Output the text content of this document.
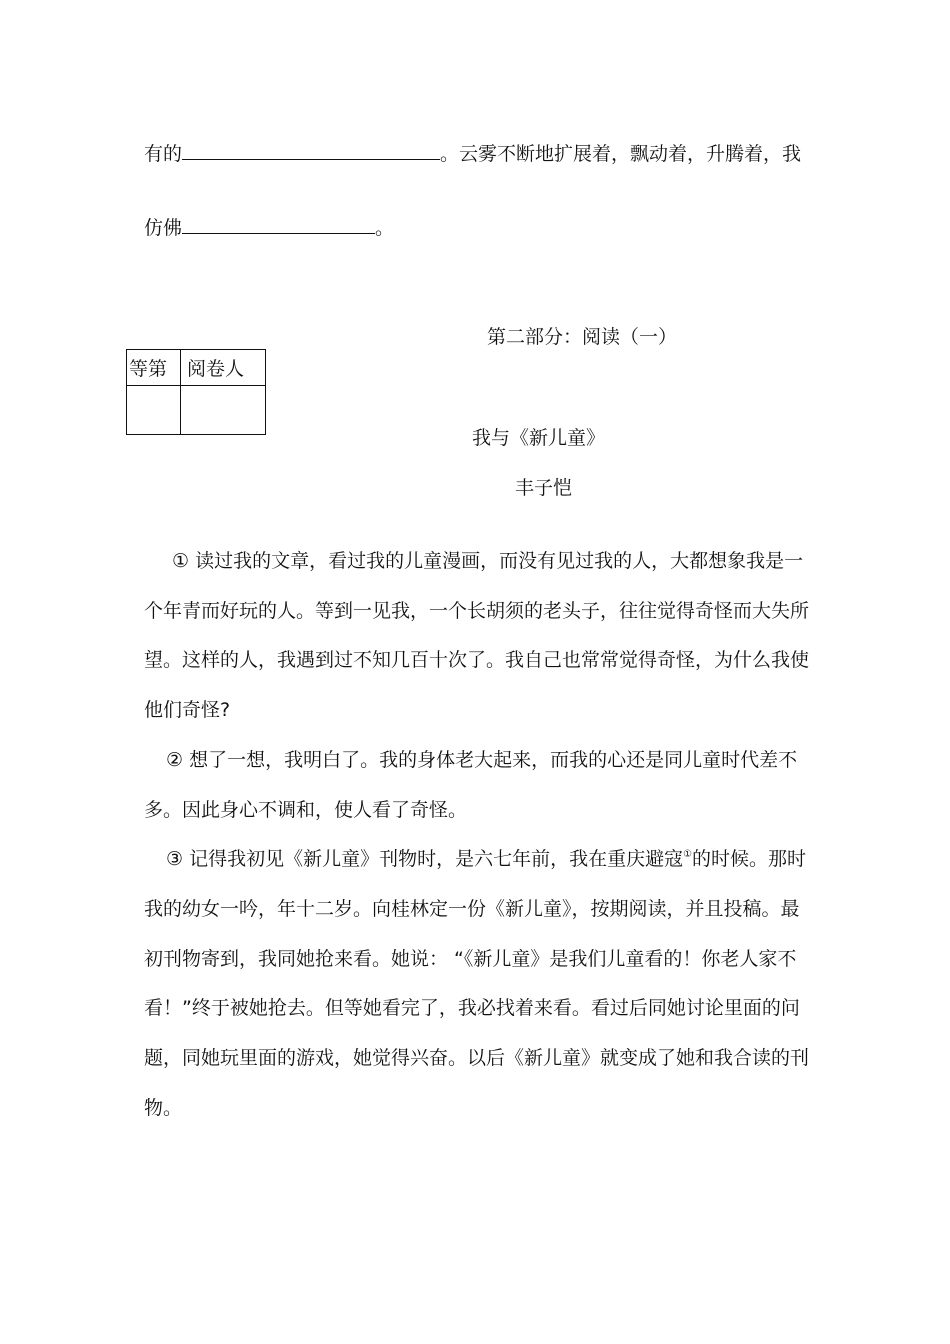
有的	。云雾不断地扩展着，飘动着，升腾着，我
仿佛	。
第二部分：阅读（一）
等第	阅卷人

我与《新儿童》
丰子恺

① 读过我的文章，看过我的儿童漫画，而没有见过我的人，大都想象我是一个年青而好玩的人。等到一见我，一个长胡须的老头子，往往觉得奇怪而大失所望。这样的人，我遇到过不知几百十次了。我自己也常常觉得奇怪，为什么我使他们奇怪?

② 想了一想，我明白了。我的身体老大起来，而我的心还是同儿童时代差不多。因此身心不调和，使人看了奇怪。

③ 记得我初见《新儿童》刊物时，是六七年前，我在重庆避寇①的时候。那时我的幼女一吟，年十二岁。向桂林定一份《新儿童》，按期阅读，并且投稿。最初刊物寄到，我同她抢来看。她说： “《新儿童》是我们儿童看的！你老人家不看！”终于被她抢去。但等她看完了，我必找着来看。看过后同她讨论里面的问题，同她玩里面的游戏，她觉得兴奋。以后《新儿童》就变成了她和我合读的刊物。
